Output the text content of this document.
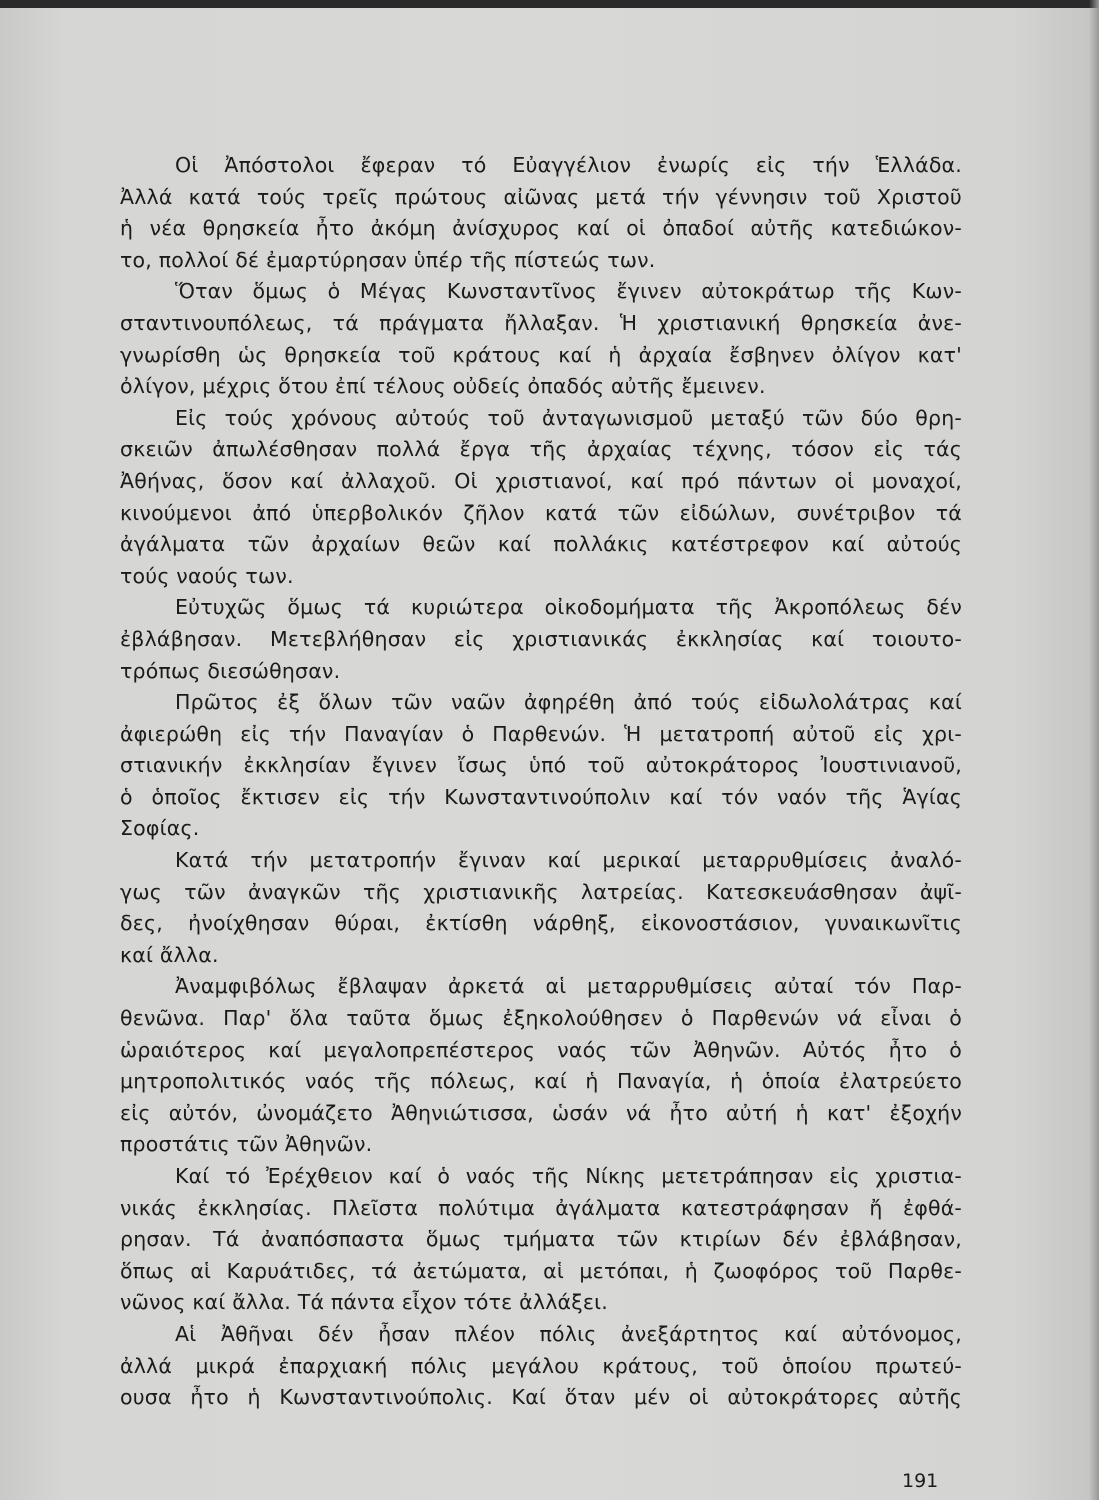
Οἱ Ἀπόστολοι ἔφεραν τό Εὐαγγέλιον ἐνωρίς εἰς τήν Ἑλλάδα.
Ἀλλά κατά τούς τρεῖς πρώτους αἰῶνας μετά τήν γέννησιν τοῦ Χριστοῦ
ἡ νέα θρησκεία ἦτο ἀκόμη ἀνίσχυρος καί οἱ ὀπαδοί αὐτῆς κατεδιώκον-
το, πολλοί δέ ἐμαρτύρησαν ὑπέρ τῆς πίστεώς των.
Ὅταν ὅμως ὁ Μέγας Κωνσταντῖνος ἔγινεν αὐτοκράτωρ τῆς Κων-
σταντινουπόλεως, τά πράγματα ἤλλαξαν. Ἡ χριστιανική θρησκεία ἀνε-
γνωρίσθη ὡς θρησκεία τοῦ κράτους καί ἡ ἀρχαία ἔσβηνεν ὀλίγον κατ'
ὀλίγον, μέχρις ὅτου ἐπί τέλους οὐδείς ὀπαδός αὐτῆς ἔμεινεν.
Εἰς τούς χρόνους αὐτούς τοῦ ἀνταγωνισμοῦ μεταξύ τῶν δύο θρη-
σκειῶν ἀπωλέσθησαν πολλά ἔργα τῆς ἀρχαίας τέχνης, τόσον εἰς τάς
Ἀθήνας, ὅσον καί ἀλλαχοῦ. Οἱ χριστιανοί, καί πρό πάντων οἱ μοναχοί,
κινούμενοι ἀπό ὑπερβολικόν ζῆλον κατά τῶν εἰδώλων, συνέτριβον τά
ἀγάλματα τῶν ἀρχαίων θεῶν καί πολλάκις κατέστρεφον καί αὐτούς
τούς ναούς των.
Εὐτυχῶς ὅμως τά κυριώτερα οἰκοδομήματα τῆς Ἀκροπόλεως δέν
ἐβλάβησαν. Μετεβλήθησαν εἰς χριστιανικάς ἐκκλησίας καί τοιουτο-
τρόπως διεσώθησαν.
Πρῶτος ἐξ ὅλων τῶν ναῶν ἀφηρέθη ἀπό τούς εἰδωλολάτρας καί
ἀφιερώθη εἰς τήν Παναγίαν ὁ Παρθενών. Ἡ μετατροπή αὐτοῦ εἰς χρι-
στιανικήν ἐκκλησίαν ἔγινεν ἴσως ὑπό τοῦ αὐτοκράτορος Ἰουστινιανοῦ,
ὁ ὁποῖος ἔκτισεν εἰς τήν Κωνσταντινούπολιν καί τόν ναόν τῆς Ἁγίας
Σοφίας.
Κατά τήν μετατροπήν ἔγιναν καί μερικαί μεταρρυθμίσεις ἀναλό-
γως τῶν ἀναγκῶν τῆς χριστιανικῆς λατρείας. Κατεσκευάσθησαν ἀψῖ-
δες, ἠνοίχθησαν θύραι, ἐκτίσθη νάρθηξ, εἰκονοστάσιον, γυναικωνῖτις
καί ἄλλα.
Ἀναμφιβόλως ἔβλαψαν ἀρκετά αἱ μεταρρυθμίσεις αὐταί τόν Παρ-
θενῶνα. Παρ' ὅλα ταῦτα ὅμως ἐξηκολούθησεν ὁ Παρθενών νά εἶναι ὁ
ὡραιότερος καί μεγαλοπρεπέστερος ναός τῶν Ἀθηνῶν. Αὐτός ἦτο ὁ
μητροπολιτικός ναός τῆς πόλεως, καί ἡ Παναγία, ἡ ὁποία ἐλατρεύετο
εἰς αὐτόν, ὠνομάζετο Ἀθηνιώτισσα, ὡσάν νά ἦτο αὐτή ἡ κατ' ἐξοχήν
προστάτις τῶν Ἀθηνῶν.
Καί τό Ἐρέχθειον καί ὁ ναός τῆς Νίκης μετετράπησαν εἰς χριστια-
νικάς ἐκκλησίας. Πλεῖστα πολύτιμα ἀγάλματα κατεστράφησαν ἤ ἐφθά-
ρησαν. Τά ἀναπόσπαστα ὅμως τμήματα τῶν κτιρίων δέν ἐβλάβησαν,
ὅπως αἱ Καρυάτιδες, τά ἀετώματα, αἱ μετόπαι, ἡ ζωοφόρος τοῦ Παρθε-
νῶνος καί ἄλλα. Τά πάντα εἶχον τότε ἀλλάξει.
Αἱ Ἀθῆναι δέν ἦσαν πλέον πόλις ἀνεξάρτητος καί αὐτόνομος,
ἀλλά μικρά ἐπαρχιακή πόλις μεγάλου κράτους, τοῦ ὁποίου πρωτεύ-
ουσα ἦτο ἡ Κωνσταντινούπολις. Καί ὅταν μέν οἱ αὐτοκράτορες αὐτῆς
191
